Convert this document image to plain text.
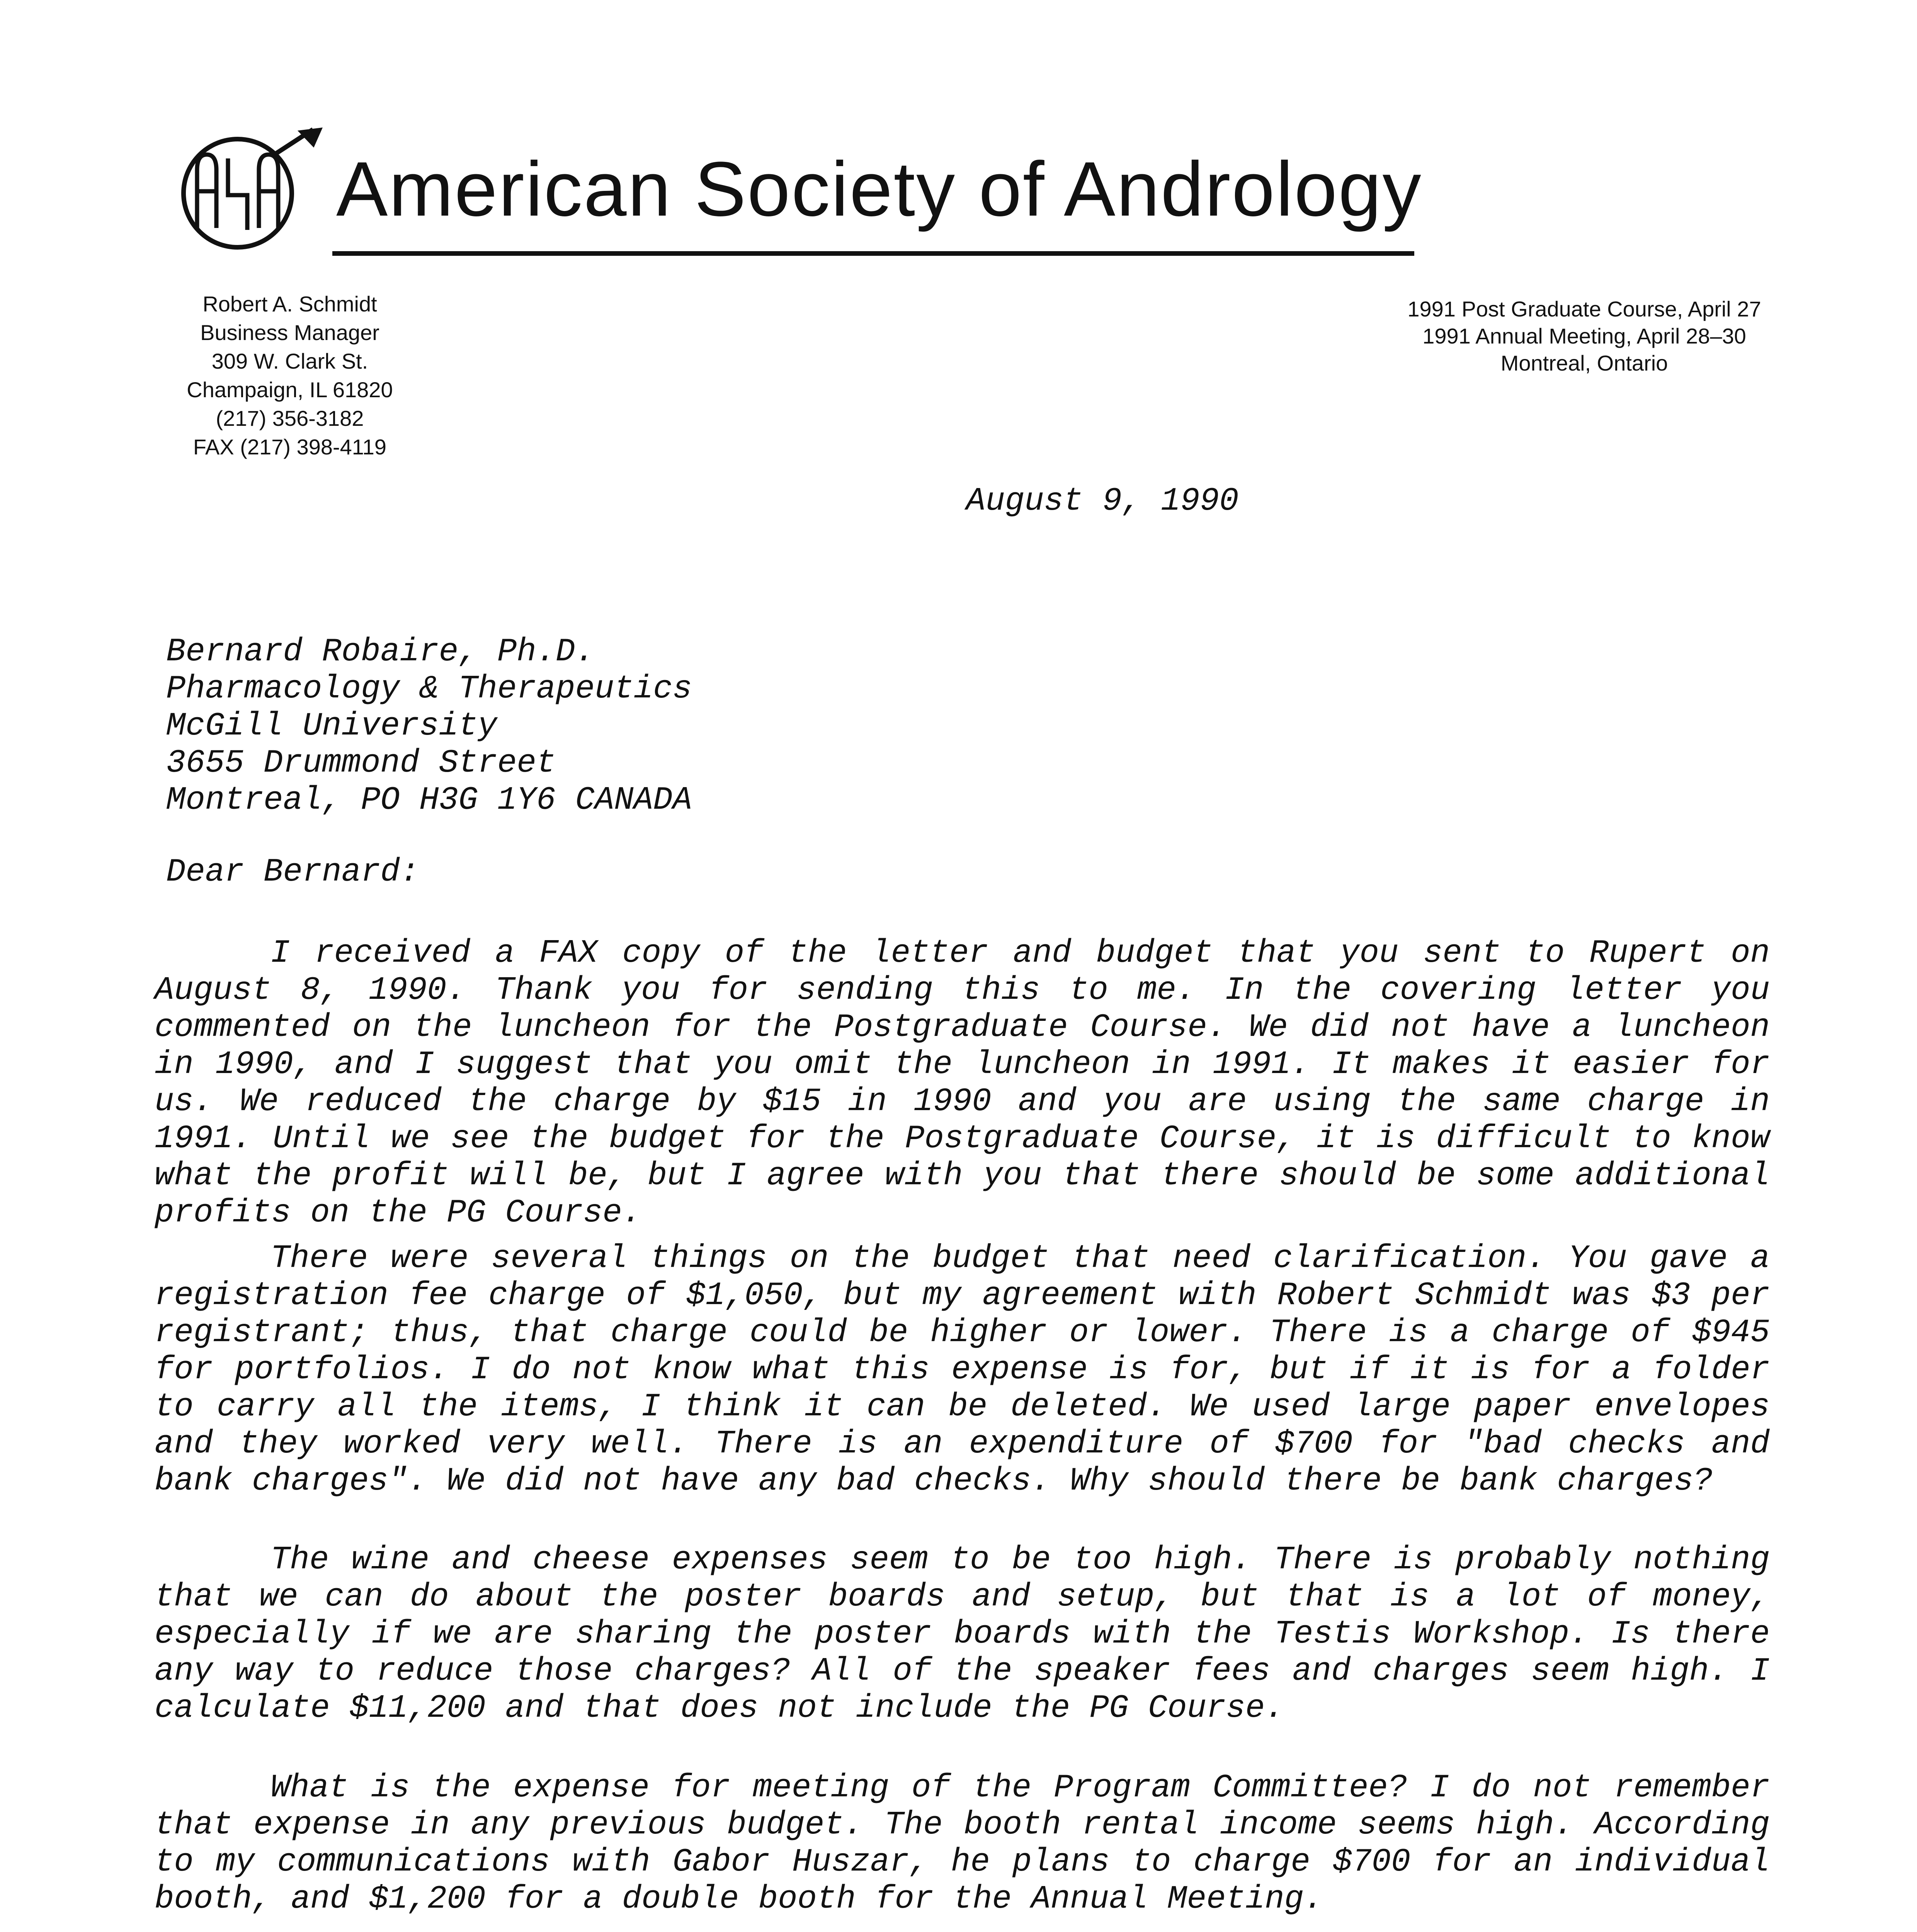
American Society of Andrology
Robert A. Schmidt
Business Manager
309 W. Clark St.
Champaign, IL 61820
(217) 356-3182
FAX (217) 398-4119
1991 Post Graduate Course, April 27
1991 Annual Meeting, April 28–30
Montreal, Ontario
August 9, 1990
Bernard Robaire, Ph.D.
Pharmacology & Therapeutics
McGill University
3655 Drummond Street
Montreal, PO H3G 1Y6 CANADA
Dear Bernard:

I received a FAX copy of the letter and budget that you sent to Rupert on August 8, 1990. Thank you for sending this to me. In the covering letter you commented on the luncheon for the Postgraduate Course. We did not have a luncheon in 1990, and I suggest that you omit the luncheon in 1991. It makes it easier for us. We reduced the charge by $15 in 1990 and you are using the same charge in 1991. Until we see the budget for the Postgraduate Course, it is difficult to know what the profit will be, but I agree with you that there should be some additional profits on the PG Course.

There were several things on the budget that need clarification. You gave a registration fee charge of $1,050, but my agreement with Robert Schmidt was $3 per registrant; thus, that charge could be higher or lower. There is a charge of $945 for portfolios. I do not know what this expense is for, but if it is for a folder to carry all the items, I think it can be deleted. We used large paper envelopes and they worked very well. There is an expenditure of $700 for "bad checks and bank charges". We did not have any bad checks. Why should there be bank charges?

The wine and cheese expenses seem to be too high. There is probably nothing that we can do about the poster boards and setup, but that is a lot of money, especially if we are sharing the poster boards with the Testis Workshop. Is there any way to reduce those charges? All of the speaker fees and charges seem high. I calculate $11,200 and that does not include the PG Course.

What is the expense for meeting of the Program Committee? I do not remember that expense in any previous budget. The booth rental income seems high. According to my communications with Gabor Huszar, he plans to charge $700 for an individual booth, and $1,200 for a double booth for the Annual Meeting.
